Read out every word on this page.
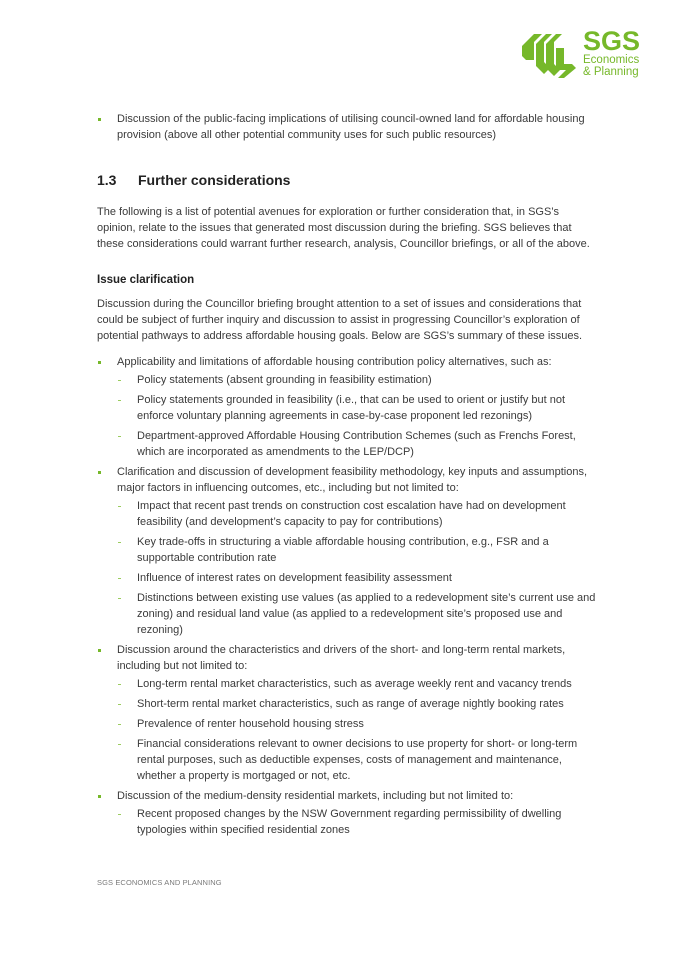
SGS
Economics
& Planning
Discussion of the public-facing implications of utilising council-owned land for affordable housing provision (above all other potential community uses for such public resources)
1.3 Further considerations

The following is a list of potential avenues for exploration or further consideration that, in SGS’s opinion, relate to the issues that generated most discussion during the briefing. SGS believes that these considerations could warrant further research, analysis, Councillor briefings, or all of the above.

Issue clarification

Discussion during the Councillor briefing brought attention to a set of issues and considerations that could be subject of further inquiry and discussion to assist in progressing Councillor’s exploration of potential pathways to address affordable housing goals. Below are SGS’s summary of these issues.

Applicability and limitations of affordable housing contribution policy alternatives, such as:
Policy statements (absent grounding in feasibility estimation)
Policy statements grounded in feasibility (i.e., that can be used to orient or justify but not enforce voluntary planning agreements in case-by-case proponent led rezonings)
Department-approved Affordable Housing Contribution Schemes (such as Frenchs Forest, which are incorporated as amendments to the LEP/DCP)
Clarification and discussion of development feasibility methodology, key inputs and assumptions, major factors in influencing outcomes, etc., including but not limited to:
Impact that recent past trends on construction cost escalation have had on development feasibility (and development’s capacity to pay for contributions)
Key trade-offs in structuring a viable affordable housing contribution, e.g., FSR and a supportable contribution rate
Influence of interest rates on development feasibility assessment
Distinctions between existing use values (as applied to a redevelopment site’s current use and zoning) and residual land value (as applied to a redevelopment site’s proposed use and rezoning)
Discussion around the characteristics and drivers of the short- and long-term rental markets, including but not limited to:
Long-term rental market characteristics, such as average weekly rent and vacancy trends
Short-term rental market characteristics, such as range of average nightly booking rates
Prevalence of renter household housing stress
Financial considerations relevant to owner decisions to use property for short- or long-term rental purposes, such as deductible expenses, costs of management and maintenance, whether a property is mortgaged or not, etc.
Discussion of the medium-density residential markets, including but not limited to:
Recent proposed changes by the NSW Government regarding permissibility of dwelling typologies within specified residential zones
SGS ECONOMICS AND PLANNING
